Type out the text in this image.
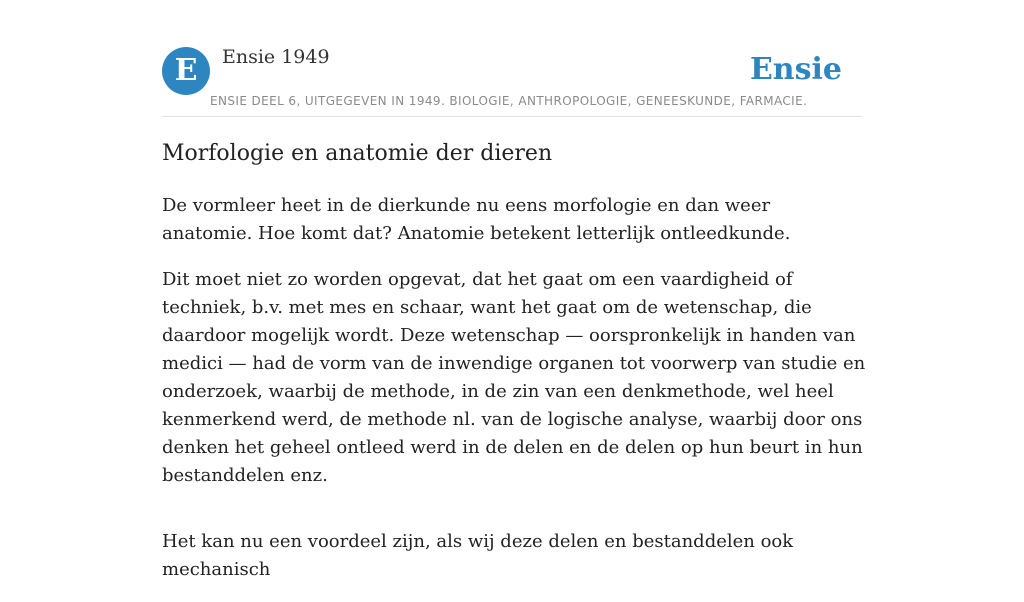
E	Ensie 1949	Ensie
ENSIE DEEL 6, UITGEGEVEN IN 1949. BIOLOGIE, ANTHROPOLOGIE, GENEESKUNDE, FARMACIE.
Morfologie en anatomie der dieren

De vormleer heet in de dierkunde nu eens morfologie en dan weer anatomie. Hoe komt dat? Anatomie betekent letterlijk ontleedkunde.

Dit moet niet zo worden opgevat, dat het gaat om een vaardigheid of techniek, b.v. met mes en schaar, want het gaat om de wetenschap, die daardoor mogelijk wordt. Deze wetenschap — oorspronkelijk in handen van medici — had de vorm van de inwendige organen tot voorwerp van studie en onderzoek, waarbij de methode, in de zin van een denkmethode, wel heel kenmerkend werd, de methode nl. van de logische analyse, waarbij door ons denken het geheel ontleed werd in de delen en de delen op hun beurt in hun bestanddelen enz.

Het kan nu een voordeel zijn, als wij deze delen en bestanddelen ook mechanisch
